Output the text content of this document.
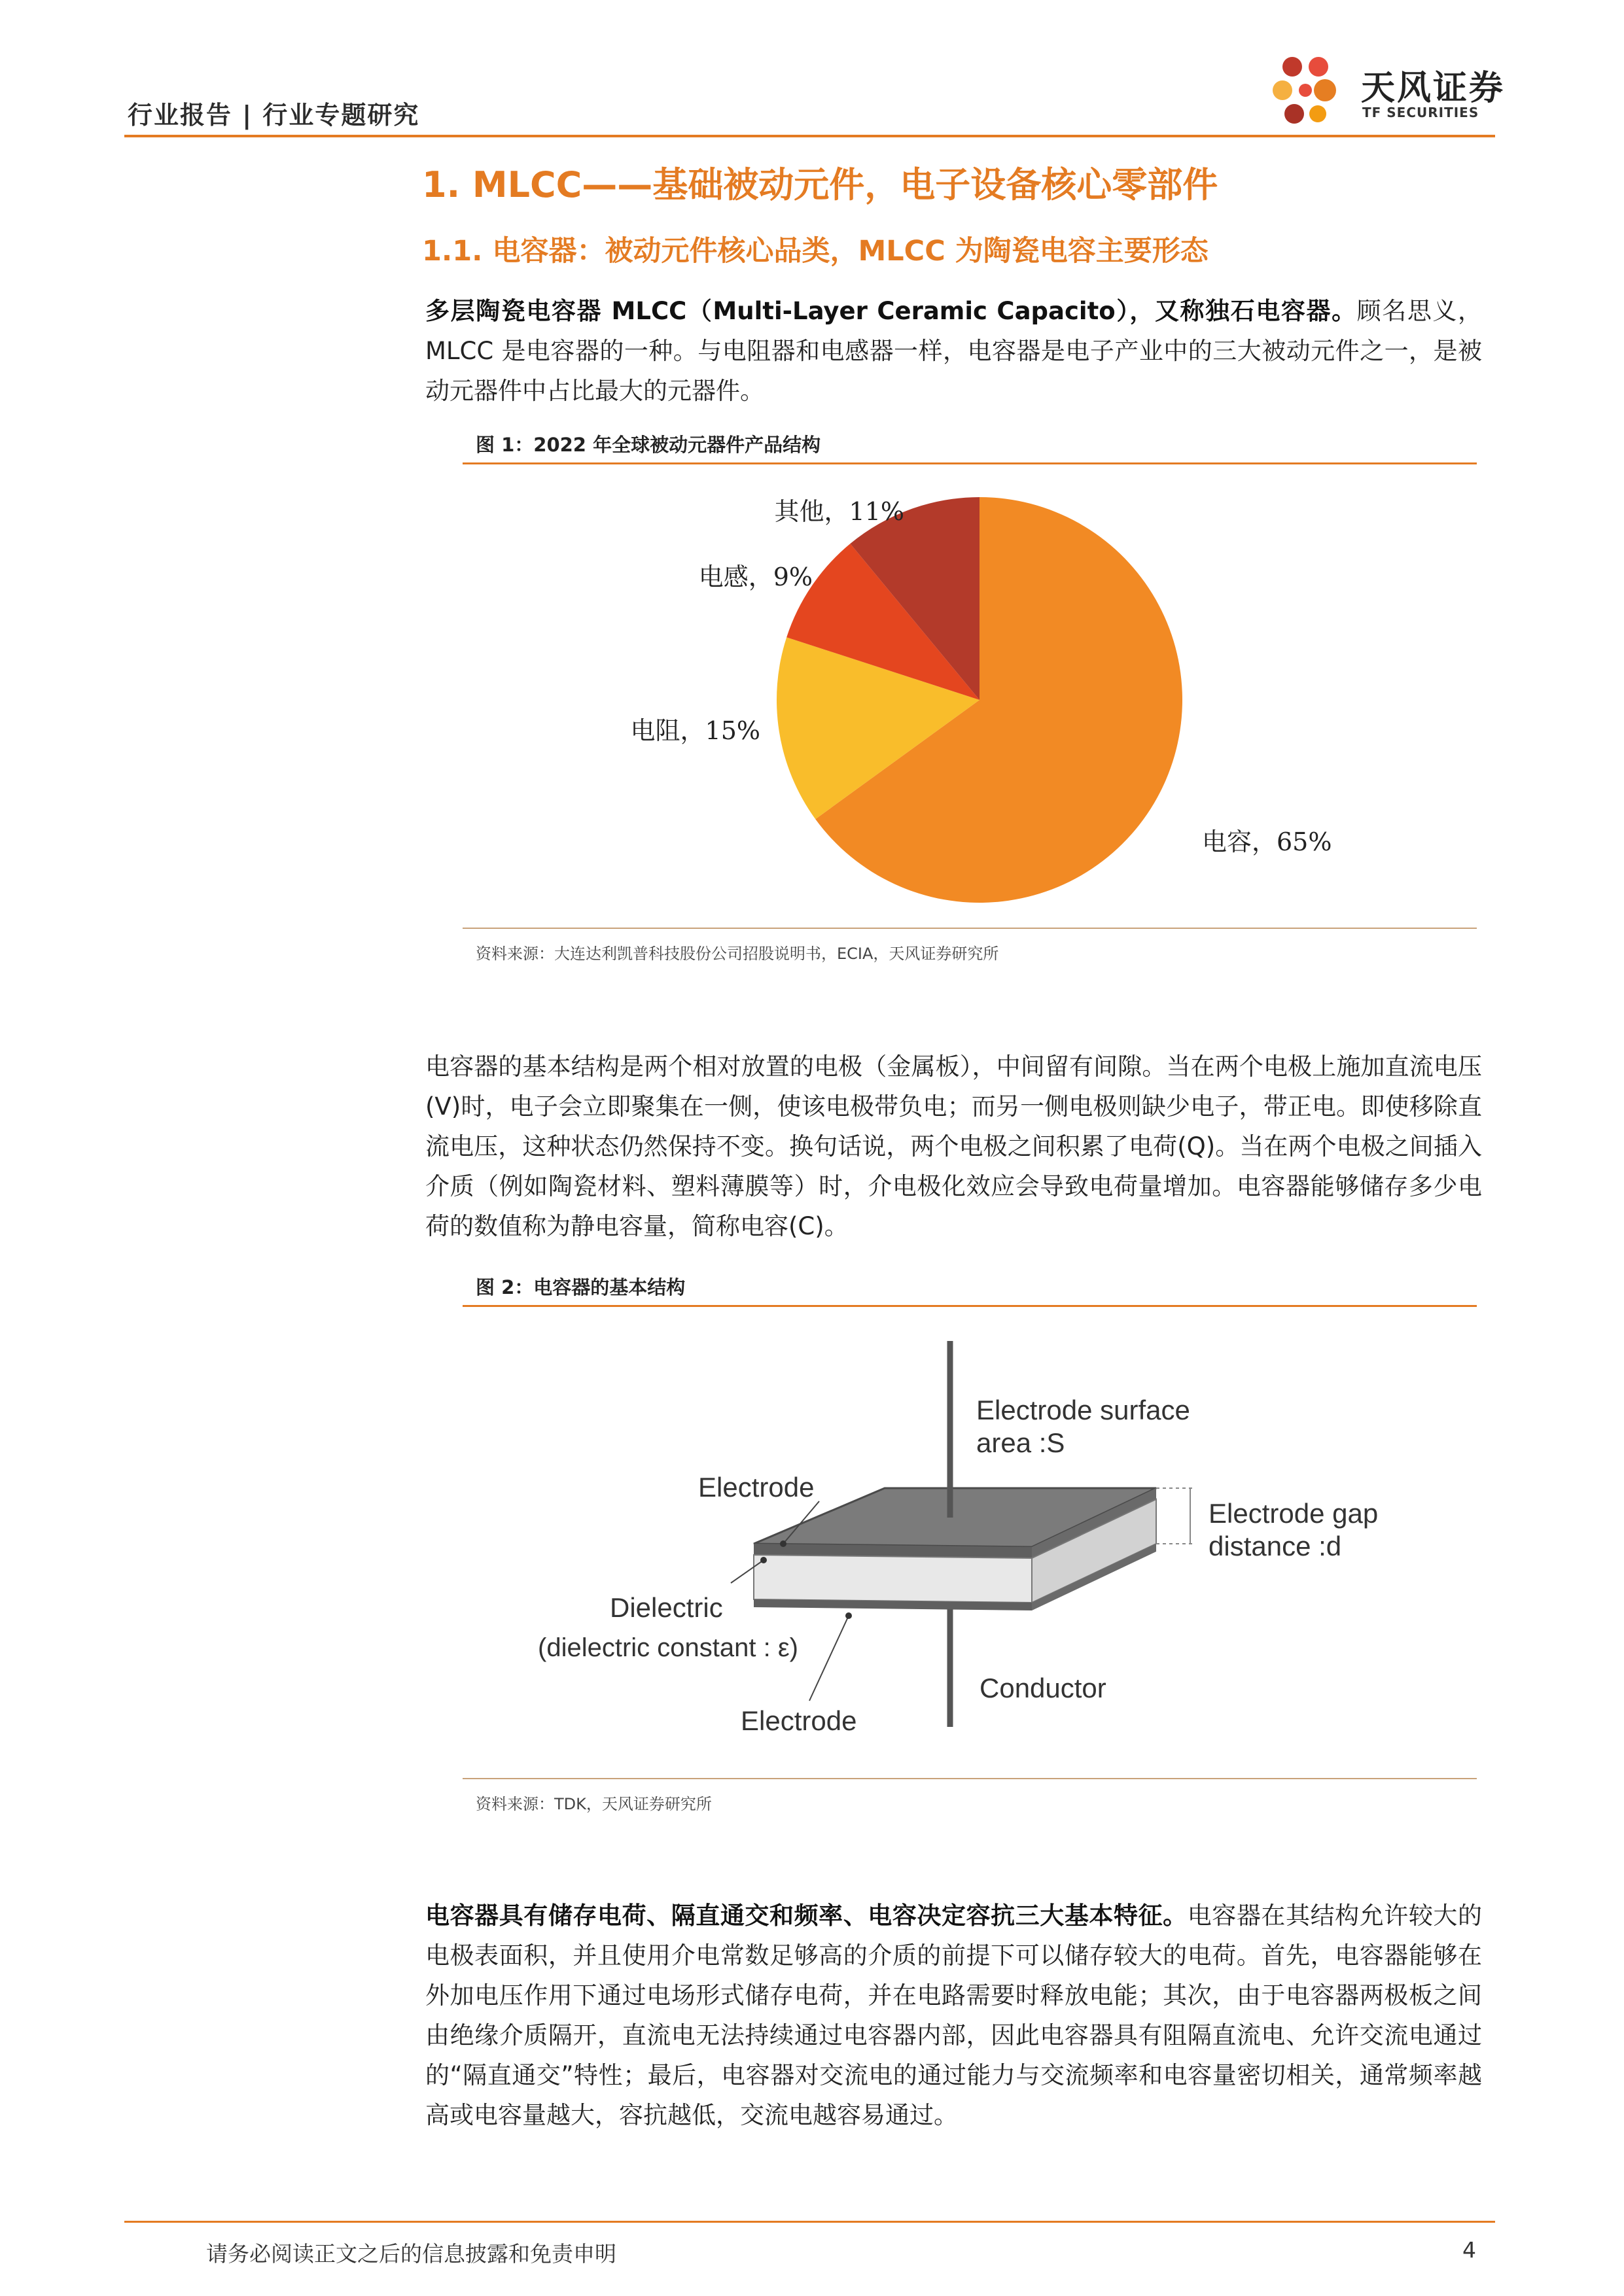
行业报告 | 行业专题研究
天风证券
TF SECURITIES
1. MLCC——基础被动元件，电子设备核心零部件
1.1. 电容器：被动元件核心品类，MLCC 为陶瓷电容主要形态
多层陶瓷电容器 MLCC（Multi-Layer Ceramic Capacito），又称独石电容器。顾名思义，MLCC 是电容器的一种。与电阻器和电感器一样，电容器是电子产业中的三大被动元件之一，是被动元器件中占比最大的元器件。
图 1：2022 年全球被动元器件产品结构
电容，65%
电阻，15%
电感，9%
其他，11%
资料来源：大连达利凯普科技股份公司招股说明书，ECIA，天风证券研究所
电容器的基本结构是两个相对放置的电极（金属板），中间留有间隙。当在两个电极上施加直流电压(V)时，电子会立即聚集在一侧，使该电极带负电；而另一侧电极则缺少电子，带正电。即使移除直流电压，这种状态仍然保持不变。换句话说，两个电极之间积累了电荷(Q)。当在两个电极之间插入介质（例如陶瓷材料、塑料薄膜等）时，介电极化效应会导致电荷量增加。电容器能够储存多少电荷的数值称为静电容量，简称电容(C)。
图 2：电容器的基本结构
Electrode
Electrode surface
area :S
Electrode gap
distance :d
Dielectric
(dielectric constant : ε)
Conductor
Electrode
资料来源：TDK，天风证券研究所
电容器具有储存电荷、隔直通交和频率、电容决定容抗三大基本特征。电容器在其结构允许较大的电极表面积，并且使用介电常数足够高的介质的前提下可以储存较大的电荷。首先，电容器能够在外加电压作用下通过电场形式储存电荷，并在电路需要时释放电能；其次，由于电容器两极板之间由绝缘介质隔开，直流电无法持续通过电容器内部，因此电容器具有阻隔直流电、允许交流电通过的“隔直通交”特性；最后，电容器对交流电的通过能力与交流频率和电容量密切相关，通常频率越高或电容量越大，容抗越低，交流电越容易通过。
请务必阅读正文之后的信息披露和免责申明	4
